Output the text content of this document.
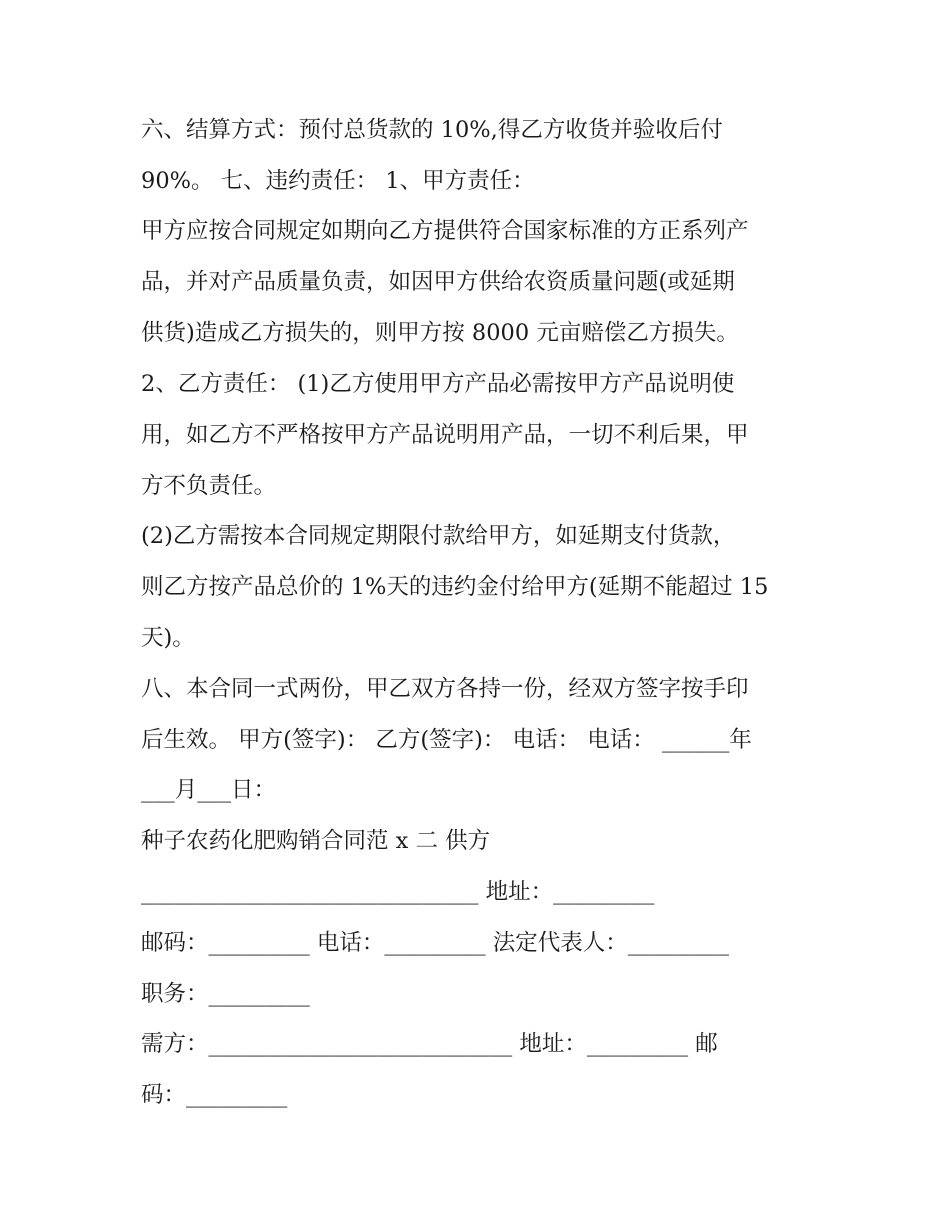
六、结算方式：预付总货款的 10%,得乙方收货并验收后付
90%。 七、违约责任： 1、甲方责任：
甲方应按合同规定如期向乙方提供符合国家标准的方正系列产
品，并对产品质量负责，如因甲方供给农资质量问题(或延期
供货)造成乙方损失的，则甲方按 8000 元亩赔偿乙方损失。
2、乙方责任： (1)乙方使用甲方产品必需按甲方产品说明使
用，如乙方不严格按甲方产品说明用产品，一切不利后果，甲
方不负责任。
(2)乙方需按本合同规定期限付款给甲方，如延期支付货款，
则乙方按产品总价的 1%天的违约金付给甲方(延期不能超过 15
天)。
八、本合同一式两份，甲乙双方各持一份，经双方签字按手印
后生效。 甲方(签字)： 乙方(签字)： 电话： 电话： ______年
___月___日：
种子农药化肥购销合同范 x 二 供方
______________________________ 地址：_________
邮码：_________ 电话：_________ 法定代表人：_________
职务：_________
需方：___________________________ 地址：_________ 邮
码：_________
